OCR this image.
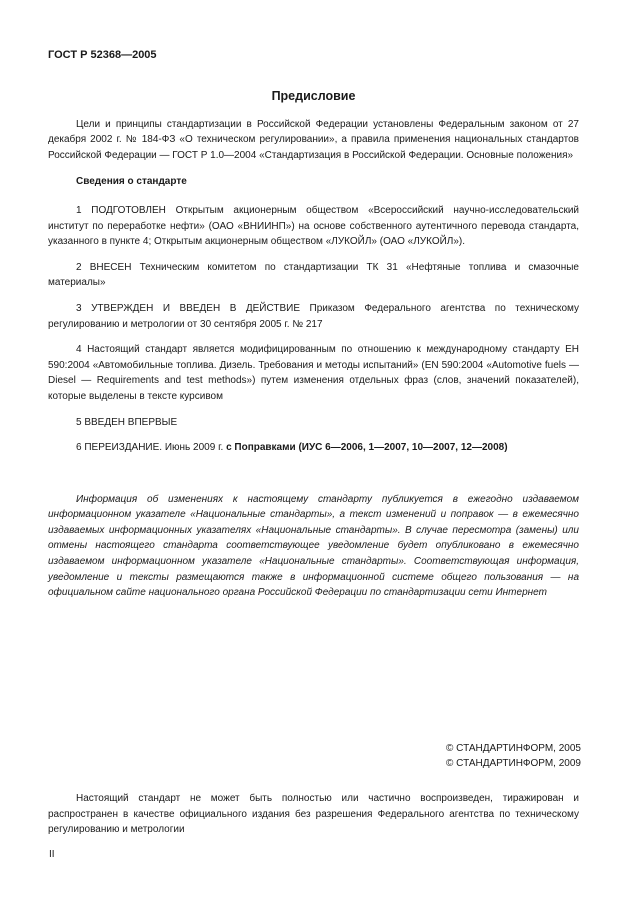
ГОСТ Р 52368—2005

Предисловие

Цели и принципы стандартизации в Российской Федерации установлены Федеральным законом от 27 декабря 2002 г. № 184-ФЗ «О техническом регулировании», а правила применения национальных стандартов Российской Федерации — ГОСТ Р 1.0—2004 «Стандартизация в Российской Федерации. Основные положения»

Сведения о стандарте

1 ПОДГОТОВЛЕН Открытым акционерным обществом «Всероссийский научно-исследовательский институт по переработке нефти» (ОАО «ВНИИНП») на основе собственного аутентичного перевода стандарта, указанного в пункте 4; Открытым акционерным обществом «ЛУКОЙЛ» (ОАО «ЛУКОЙЛ»).

2 ВНЕСЕН Техническим комитетом по стандартизации ТК 31 «Нефтяные топлива и смазочные материалы»

3 УТВЕРЖДЕН И ВВЕДЕН В ДЕЙСТВИЕ Приказом Федерального агентства по техническому регулированию и метрологии от 30 сентября 2005 г. № 217

4 Настоящий стандарт является модифицированным по отношению к международному стандарту ЕН 590:2004 «Автомобильные топлива. Дизель. Требования и методы испытаний» (EN 590:2004 «Automotive fuels — Diesel — Requirements and test methods») путем изменения отдельных фраз (слов, значений показателей), которые выделены в тексте курсивом

5 ВВЕДЕН ВПЕРВЫЕ

6 ПЕРЕИЗДАНИЕ. Июнь 2009 г. с Поправками (ИУС 6—2006, 1—2007, 10—2007, 12—2008)

Информация об изменениях к настоящему стандарту публикуется в ежегодно издаваемом информационном указателе «Национальные стандарты», а текст изменений и поправок — в ежемесячно издаваемых информационных указателях «Национальные стандарты». В случае пересмотра (замены) или отмены настоящего стандарта соответствующее уведомление будет опубликовано в ежемесячно издаваемом информационном указателе «Национальные стандарты». Соответствующая информация, уведомление и тексты размещаются также в информационной системе общего пользования — на официальном сайте национального органа Российской Федерации по стандартизации сети Интернет

© СТАНДАРТИНФОРМ, 2005
© СТАНДАРТИНФОРМ, 2009

Настоящий стандарт не может быть полностью или частично воспроизведен, тиражирован и распространен в качестве официального издания без разрешения Федерального агентства по техническому регулированию и метрологии

II
